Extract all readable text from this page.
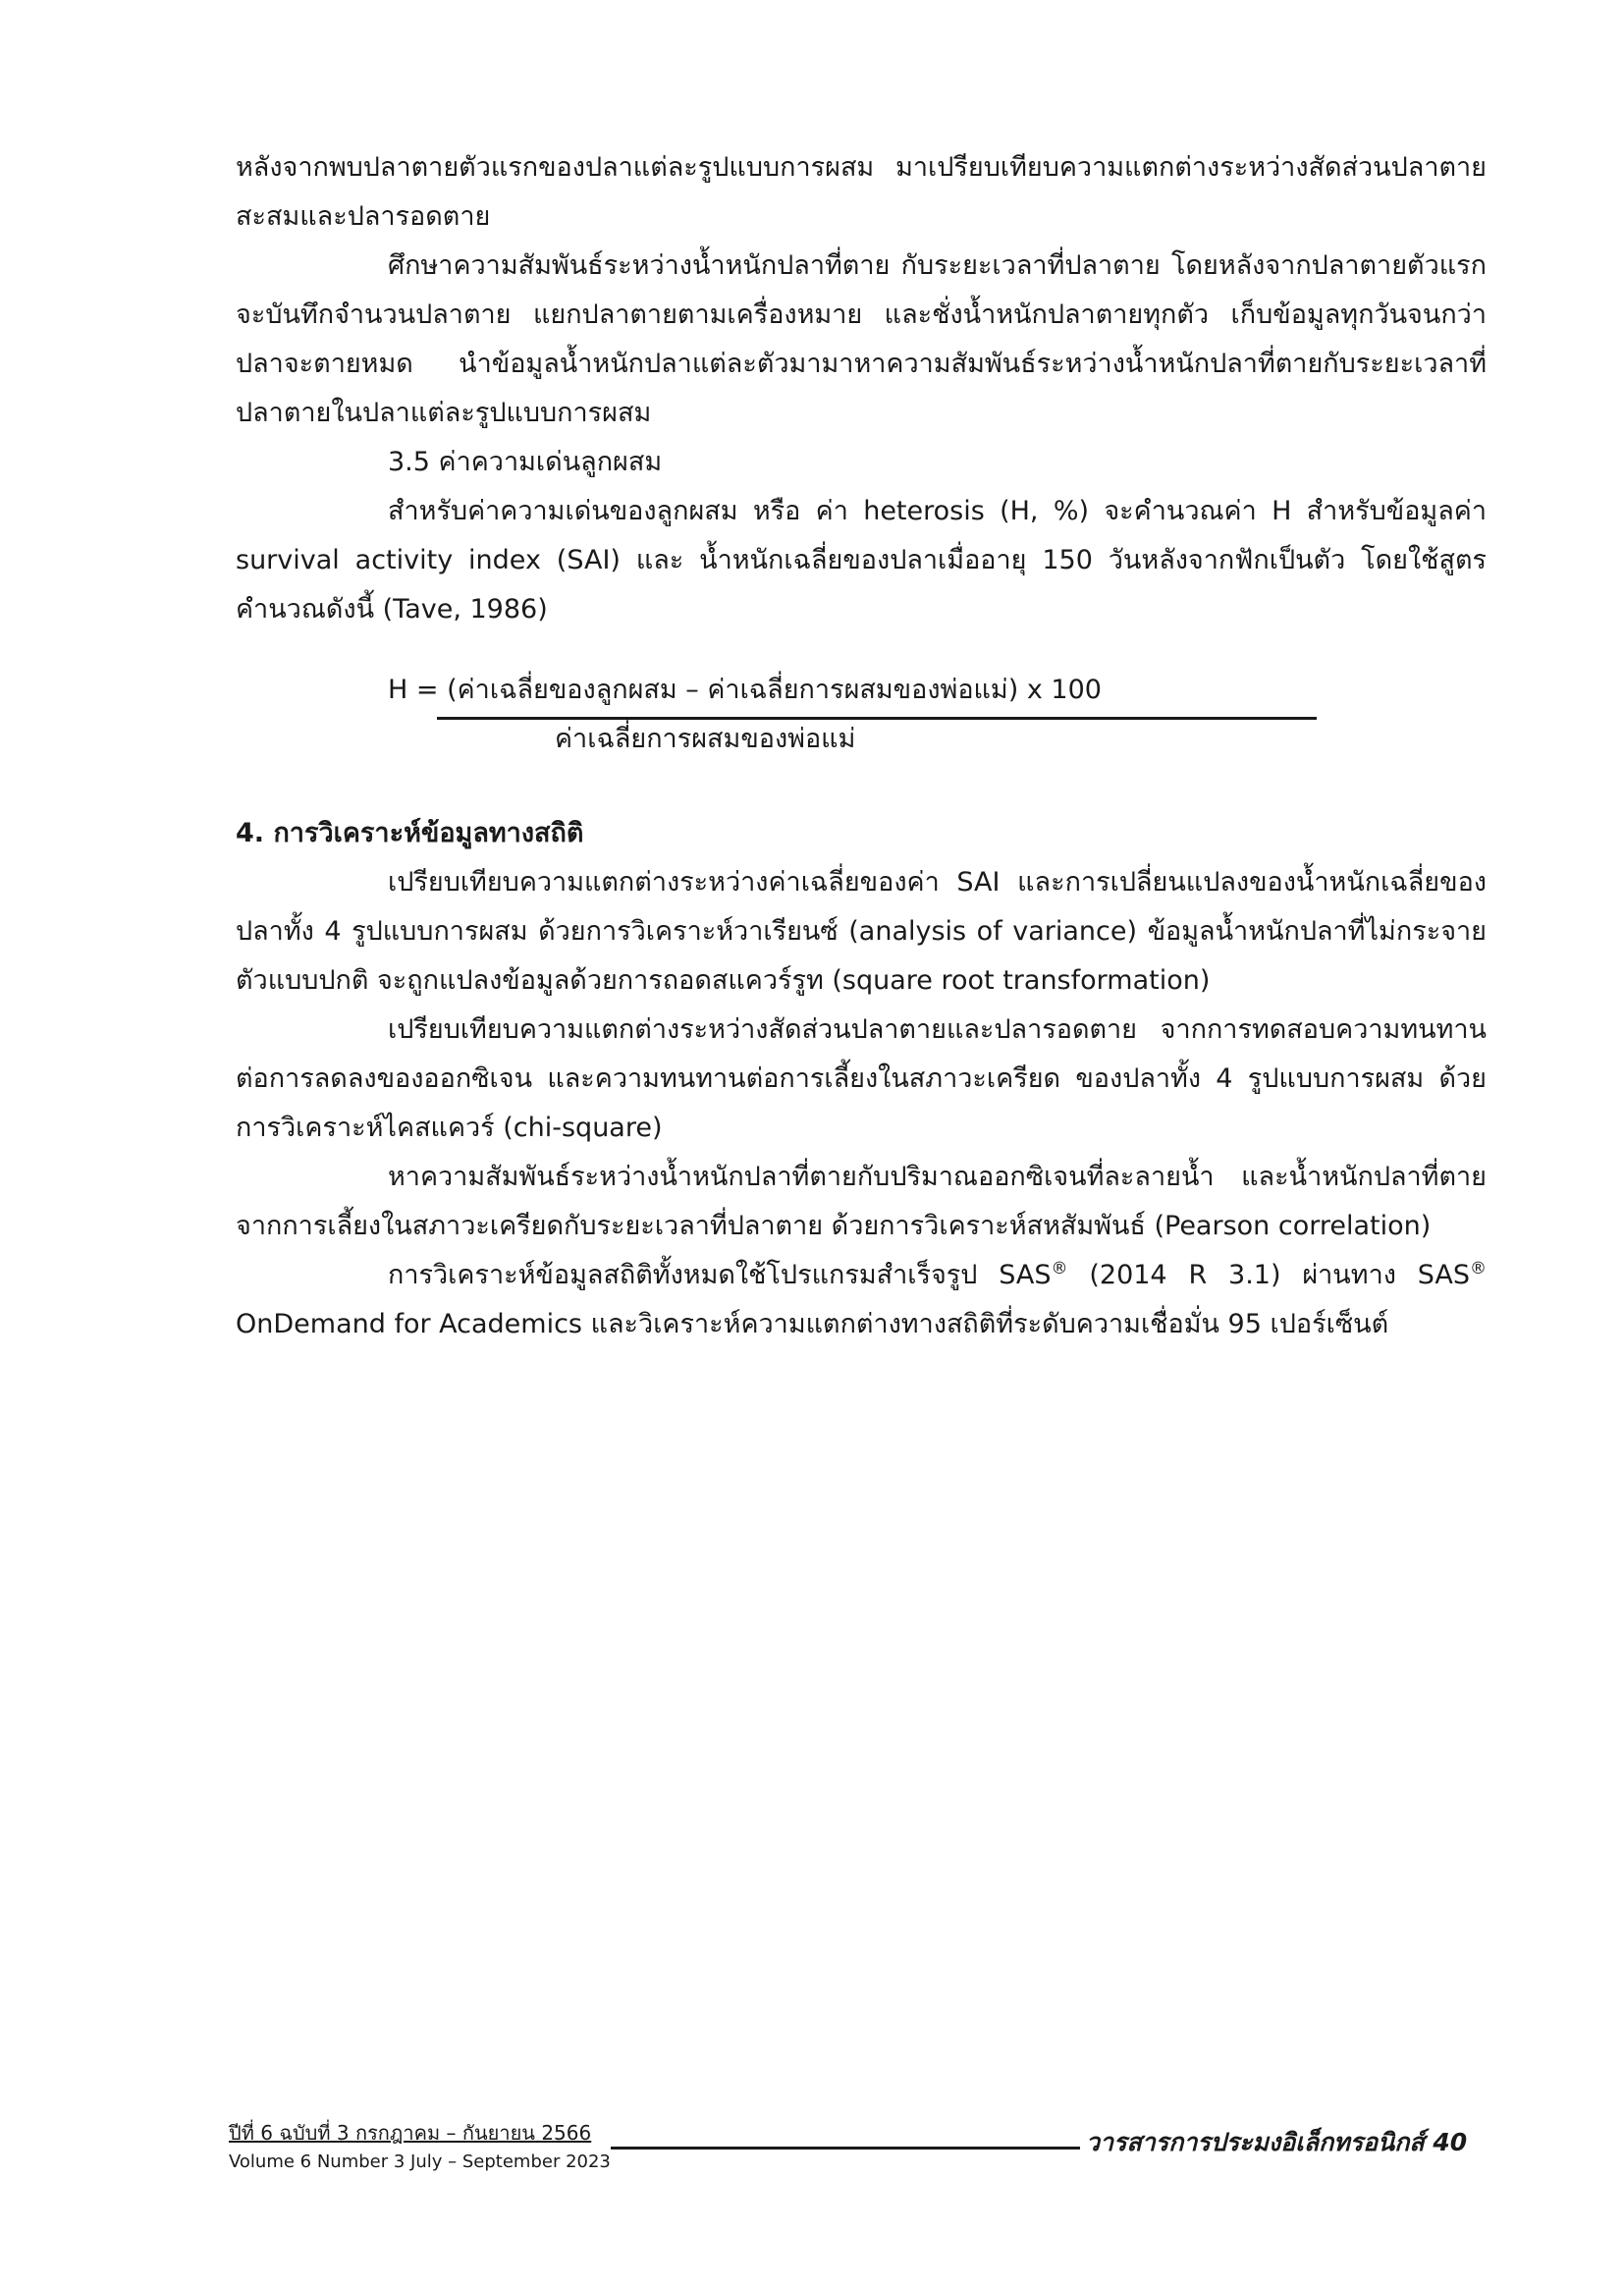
หลังจากพบปลาตายตัวแรกของปลาแต่ละรูปแบบการผสม มาเปรียบเทียบความแตกต่างระหว่างสัดส่วนปลาตายสะสมและปลารอดตาย

ศึกษาความสัมพันธ์ระหว่างน้ำหนักปลาที่ตาย กับระยะเวลาที่ปลาตาย โดยหลังจากปลาตายตัวแรกจะบันทึกจำนวนปลาตาย แยกปลาตายตามเครื่องหมาย และชั่งน้ำหนักปลาตายทุกตัว เก็บข้อมูลทุกวันจนกว่าปลาจะตายหมด นำข้อมูลน้ำหนักปลาแต่ละตัวมามาหาความสัมพันธ์ระหว่างน้ำหนักปลาที่ตายกับระยะเวลาที่ปลาตายในปลาแต่ละรูปแบบการผสม

3.5 ค่าความเด่นลูกผสม

สำหรับค่าความเด่นของลูกผสม หรือ ค่า heterosis (H, %) จะคำนวณค่า H สำหรับข้อมูลค่า survival activity index (SAI) และ น้ำหนักเฉลี่ยของปลาเมื่ออายุ 150 วันหลังจากฟักเป็นตัว โดยใช้สูตรคำนวณดังนี้ (Tave, 1986)

H = (ค่าเฉลี่ยของลูกผสม – ค่าเฉลี่ยการผสมของพ่อแม่) x 100
ค่าเฉลี่ยการผสมของพ่อแม่

4. การวิเคราะห์ข้อมูลทางสถิติ

เปรียบเทียบความแตกต่างระหว่างค่าเฉลี่ยของค่า SAI และการเปลี่ยนแปลงของน้ำหนักเฉลี่ยของปลาทั้ง 4 รูปแบบการผสม ด้วยการวิเคราะห์วาเรียนซ์ (analysis of variance) ข้อมูลน้ำหนักปลาที่ไม่กระจายตัวแบบปกติ จะถูกแปลงข้อมูลด้วยการถอดสแควร์รูท (square root transformation)

เปรียบเทียบความแตกต่างระหว่างสัดส่วนปลาตายและปลารอดตาย จากการทดสอบความทนทานต่อการลดลงของออกซิเจน และความทนทานต่อการเลี้ยงในสภาวะเครียด ของปลาทั้ง 4 รูปแบบการผสม ด้วยการวิเคราะห์ไคสแควร์ (chi-square)

หาความสัมพันธ์ระหว่างน้ำหนักปลาที่ตายกับปริมาณออกซิเจนที่ละลายน้ำ และน้ำหนักปลาที่ตายจากการเลี้ยงในสภาวะเครียดกับระยะเวลาที่ปลาตาย ด้วยการวิเคราะห์สหสัมพันธ์ (Pearson correlation)

การวิเคราะห์ข้อมูลสถิติทั้งหมดใช้โปรแกรมสำเร็จรูป SAS® (2014 R 3.1) ผ่านทาง SAS® OnDemand for Academics และวิเคราะห์ความแตกต่างทางสถิติที่ระดับความเชื่อมั่น 95 เปอร์เซ็นต์

ปีที่ 6 ฉบับที่ 3 กรกฎาคม – กันยายน 2566
Volume 6 Number 3 July – September 2023
วารสารการประมงอิเล็กทรอนิกส์ 40
